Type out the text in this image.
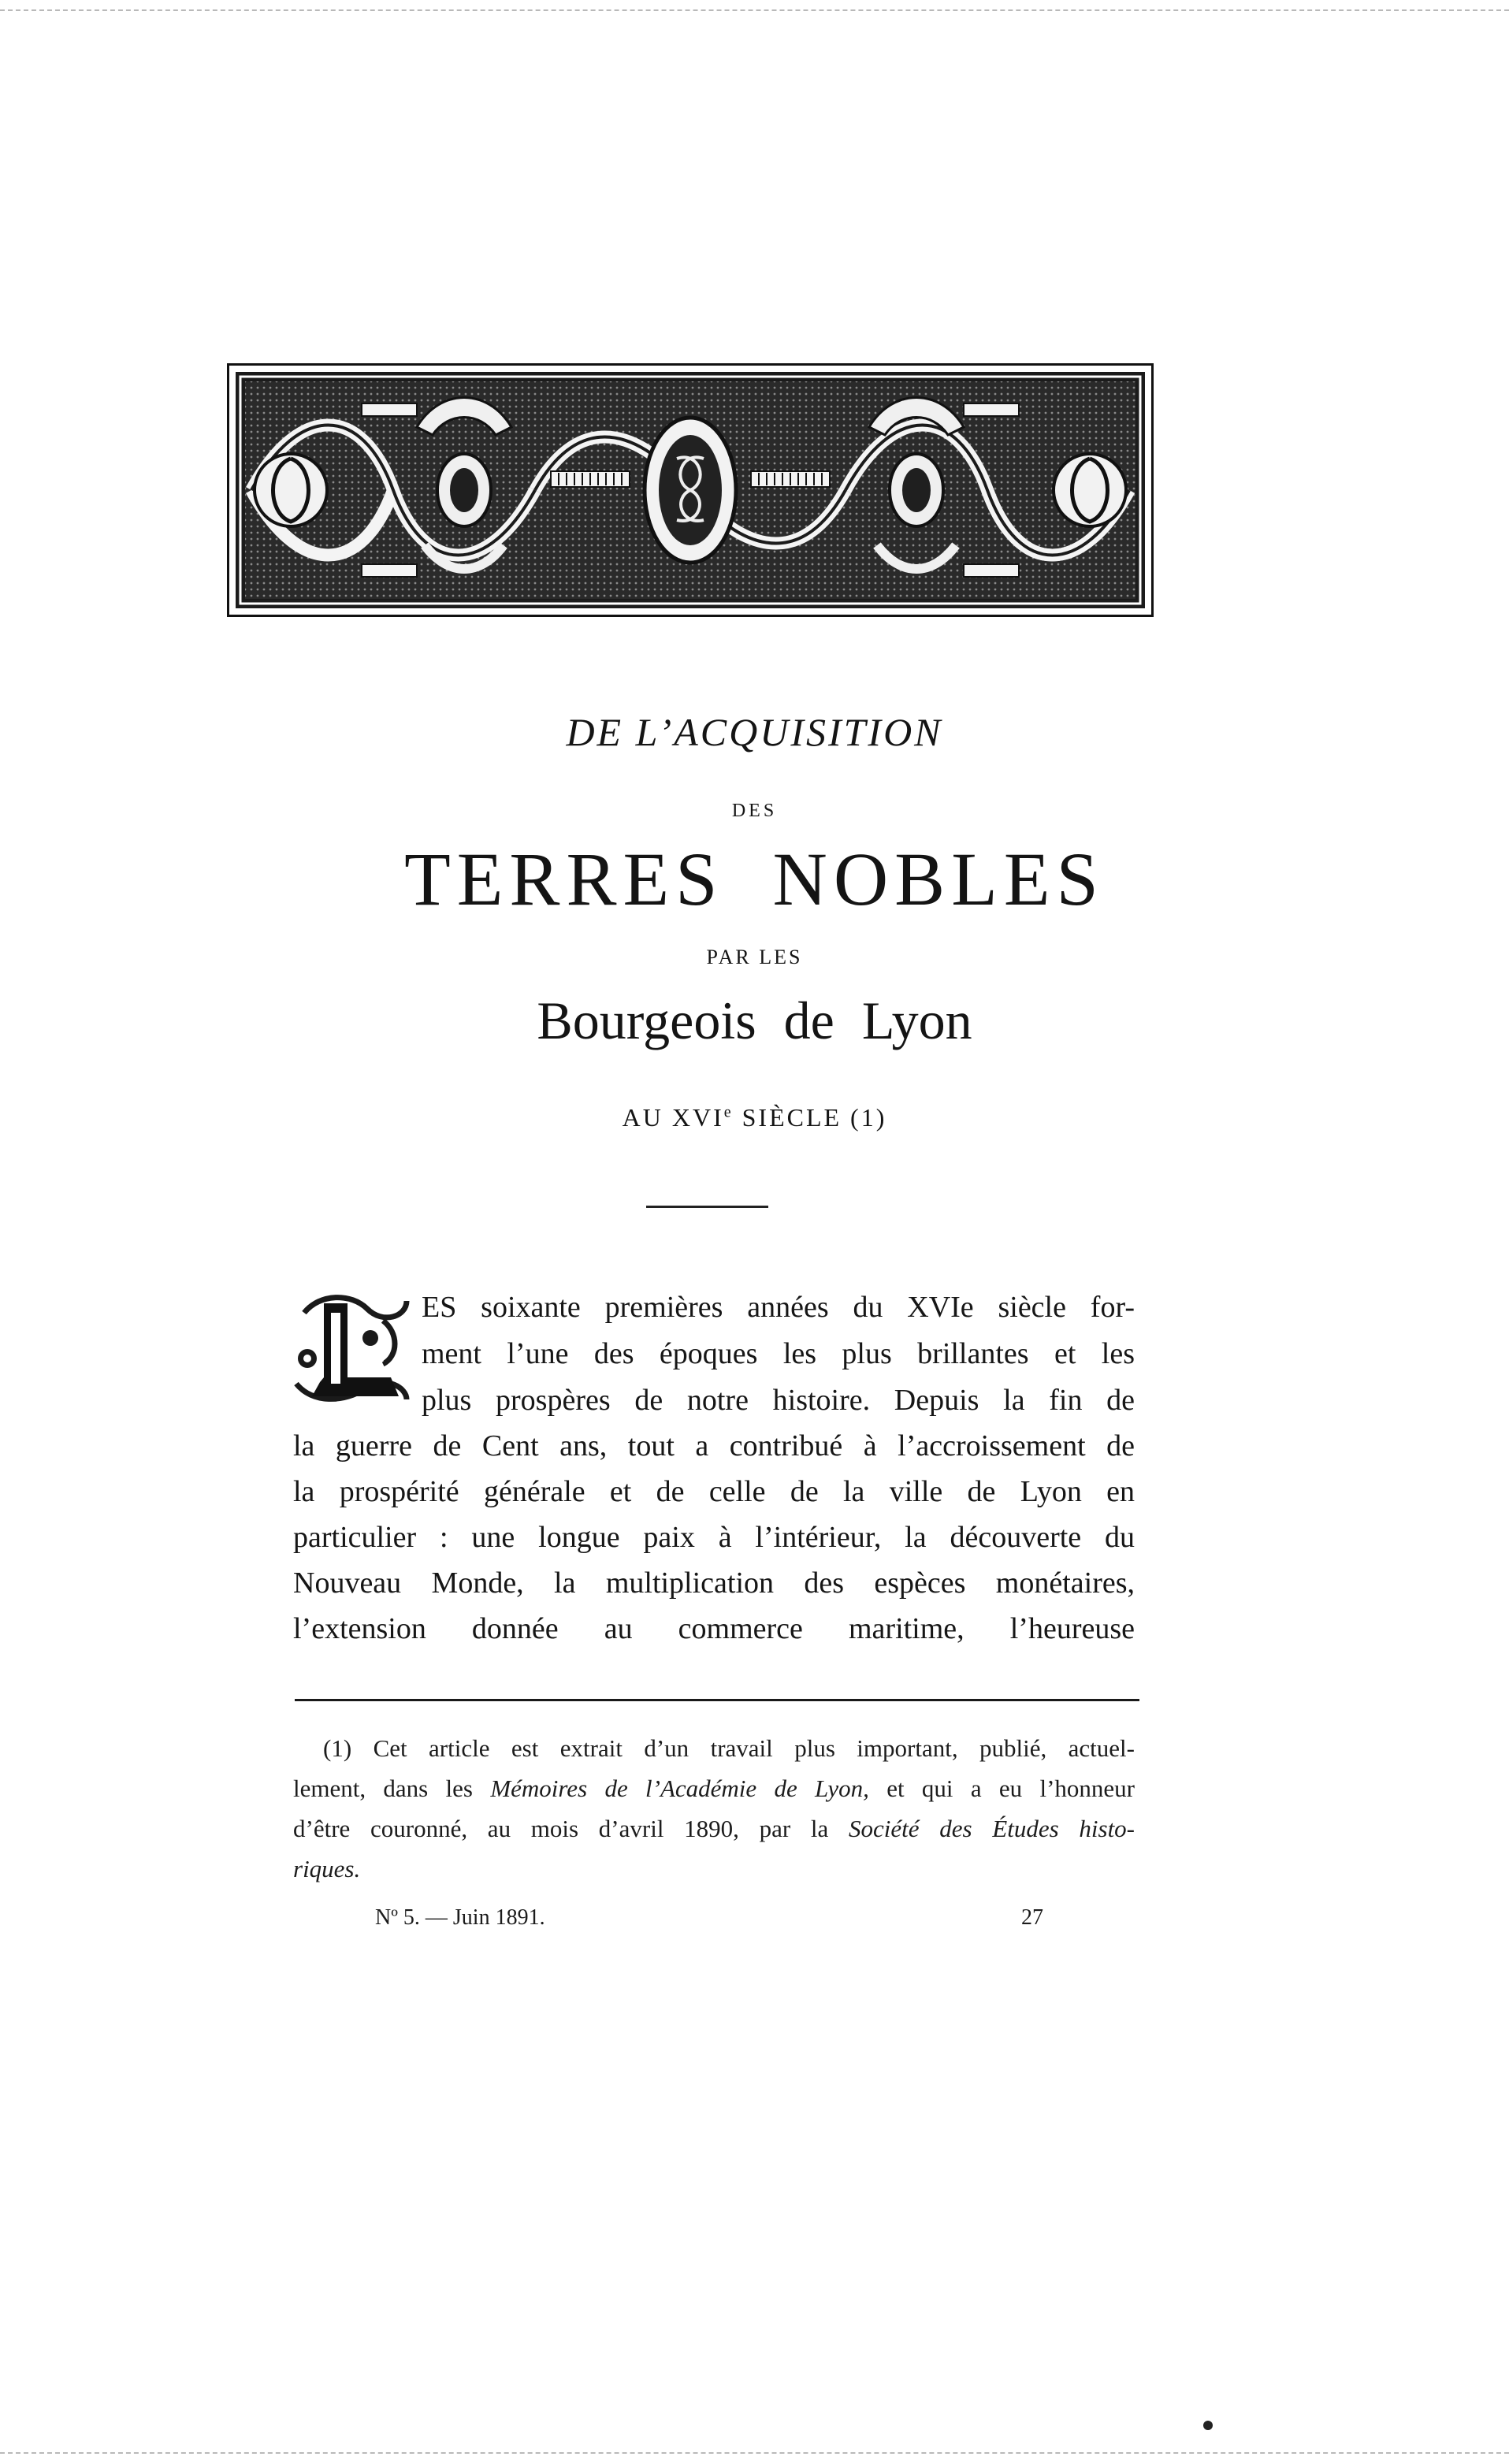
DE L’ACQUISITION
DES
TERRES NOBLES
PAR LES
Bourgeois de Lyon
AU XVIe SIÈCLE (1)
ES soixante premières années du XVIe siècle for-
ment l’une des époques les plus brillantes et les
plus prospères de notre histoire. Depuis la fin de
la guerre de Cent ans, tout a contribué à l’accroissement de
la prospérité générale et de celle de la ville de Lyon en
particulier : une longue paix à l’intérieur, la découverte du
Nouveau Monde, la multiplication des espèces monétaires,
l’extension donnée au commerce maritime, l’heureuse
(1) Cet article est extrait d’un travail plus important, publié, actuel-
lement, dans les Mémoires de l’Académie de Lyon, et qui a eu l’honneur
d’être couronné, au mois d’avril 1890, par la Société des Études histo-
riques.
Nº 5. — Juin 1891.	27
